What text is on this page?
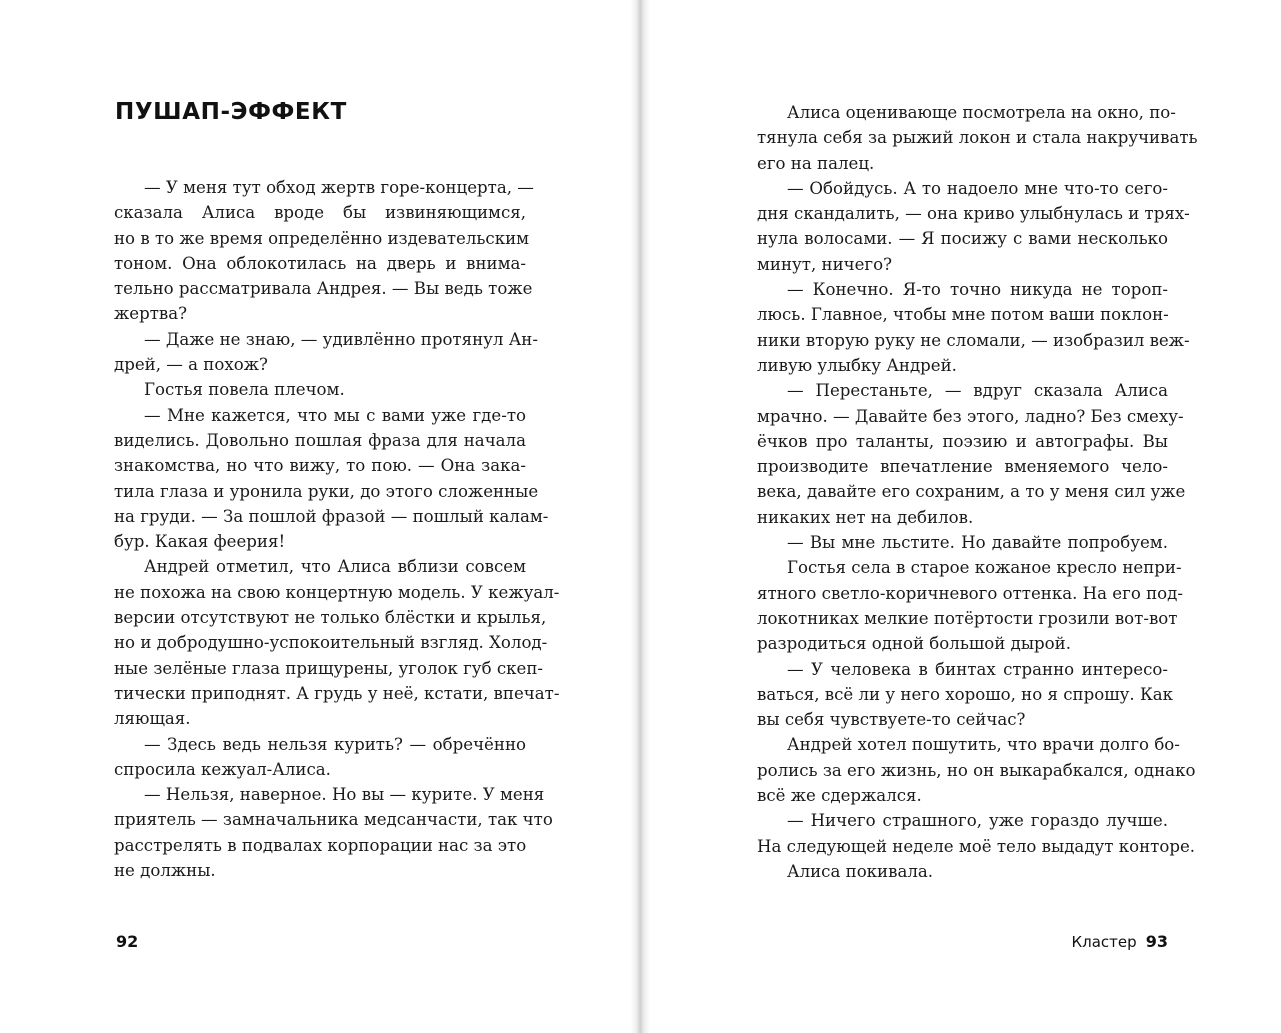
ПУШАП-ЭФФЕКТ
— У меня тут обход жертв горе-концерта, —
сказала Алиса вроде бы извиняющимся,
но в то же время определённо издевательским
тоном. Она облокотилась на дверь и внима-
тельно рассматривала Андрея. — Вы ведь тоже
жертва?
— Даже не знаю, — удивлённо протянул Ан-
дрей, — а похож?
Гостья повела плечом.
— Мне кажется, что мы с вами уже где-то
виделись. Довольно пошлая фраза для начала
знакомства, но что вижу, то пою. — Она зака-
тила глаза и уронила руки, до этого сложенные
на груди. — За пошлой фразой — пошлый калам-
бур. Какая феерия!
Андрей отметил, что Алиса вблизи совсем
не похожа на свою концертную модель. У кежуал-
версии отсутствуют не только блёстки и крылья,
но и добродушно-успокоительный взгляд. Холод-
ные зелёные глаза прищурены, уголок губ скеп-
тически приподнят. А грудь у неё, кстати, впечат-
ляющая.
— Здесь ведь нельзя курить? — обречённо
спросила кежуал-Алиса.
— Нельзя, наверное. Но вы — курите. У меня
приятель — замначальника медсанчасти, так что
расстрелять в подвалах корпорации нас за это
не должны.
92
Алиса оценивающе посмотрела на окно, по-
тянула себя за рыжий локон и стала накручивать
его на палец.
— Обойдусь. А то надоело мне что-то сего-
дня скандалить, — она криво улыбнулась и трях-
нула волосами. — Я посижу с вами несколько
минут, ничего?
— Конечно. Я-то точно никуда не тороп-
люсь. Главное, чтобы мне потом ваши поклон-
ники вторую руку не сломали, — изобразил веж-
ливую улыбку Андрей.
— Перестаньте, — вдруг сказала Алиса
мрачно. — Давайте без этого, ладно? Без смеху-
ёчков про таланты, поэзию и автографы. Вы
производите впечатление вменяемого чело-
века, давайте его сохраним, а то у меня сил уже
никаких нет на дебилов.
— Вы мне льстите. Но давайте попробуем.
Гостья села в старое кожаное кресло непри-
ятного светло-коричневого оттенка. На его под-
локотниках мелкие потёртости грозили вот-вот
разродиться одной большой дырой.
— У человека в бинтах странно интересо-
ваться, всё ли у него хорошо, но я спрошу. Как
вы себя чувствуете-то сейчас?
Андрей хотел пошутить, что врачи долго бо-
ролись за его жизнь, но он выкарабкался, однако
всё же сдержался.
— Ничего страшного, уже гораздо лучше.
На следующей неделе моё тело выдадут конторе.
Алиса покивала.
Кластер 93
